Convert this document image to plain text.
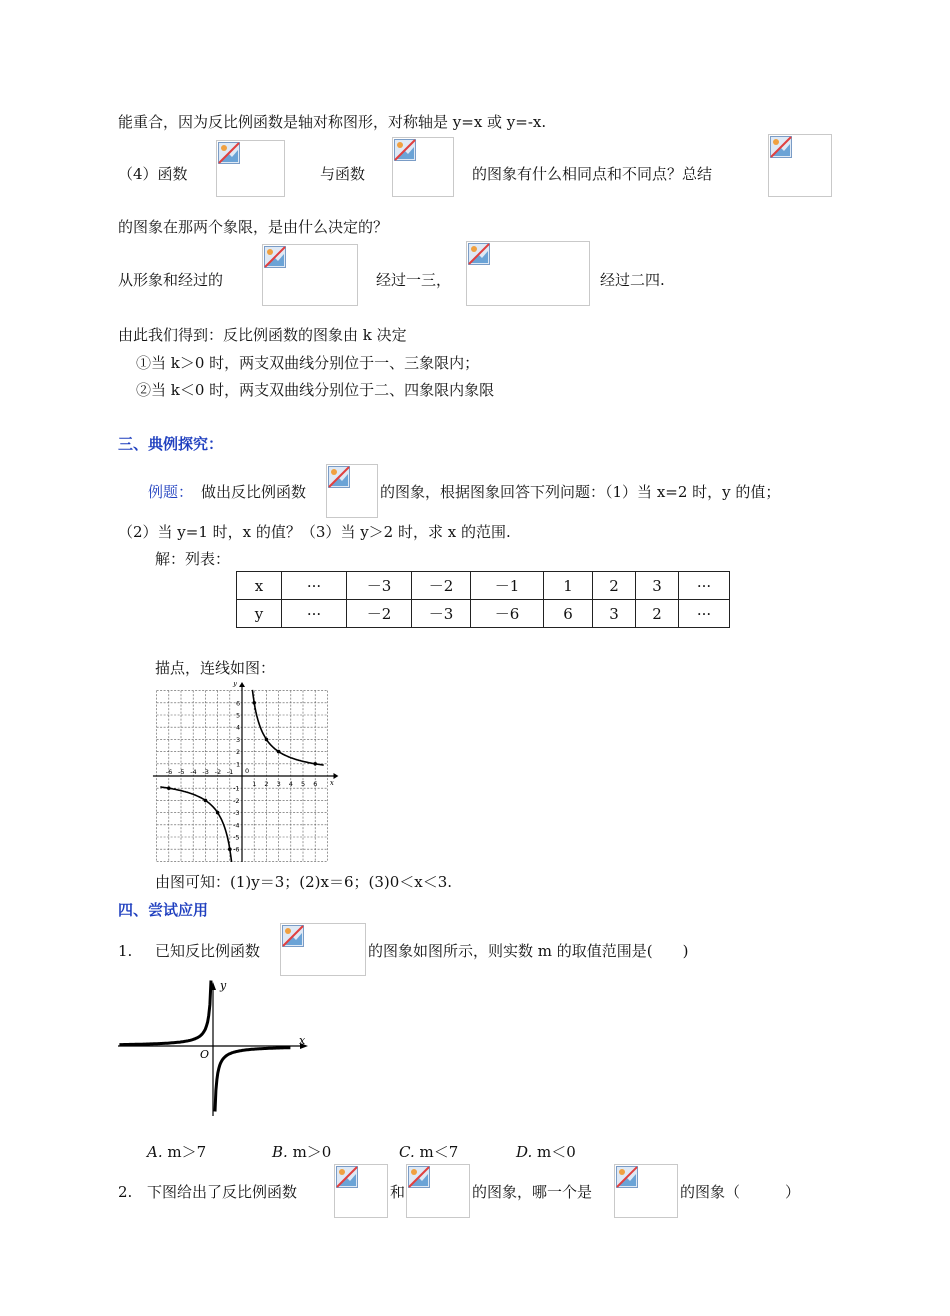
能重合，因为反比例函数是轴对称图形，对称轴是 y=x 或 y=-x.
（4）函数	与函数	的图象有什么相同点和不同点？总结
的图象在那两个象限，是由什么决定的？
从形象和经过的	经过一三，	经过二四.
由此我们得到：反比例函数的图象由 k 决定
①当 k＞0 时，两支双曲线分别位于一、三象限内；
②当 k＜0 时，两支双曲线分别位于二、四象限内象限
三、典例探究：
例题： 做出反比例函数	的图象，根据图象回答下列问题：（1）当 x=2 时，y 的值；
（2）当 y=1 时，x 的值？（3）当 y＞2 时，求 x 的范围.
解：列表：
x	···	－3	－2	－1	1	2	3	···
y	···	－2	－3	－6	6	3	2	···
描点，连线如图：
-6 -5 -4 -3 -2 -1
1 2 3 4 5 6
6
5
4
3
2
1
-1
-2
-3
-4
-5
-6
0
x
y
由图可知：(1)y＝3；(2)x＝6；(3)0＜x＜3.
四、尝试应用
1. 已知反比例函数	的图象如图所示，则实数 m 的取值范围是(　　)
y
x
O
A. m＞7	B. m＞0	C. m＜7	D. m＜0
2. 下图给出了反比例函数	和	的图象，哪一个是	的图象（　　　）
